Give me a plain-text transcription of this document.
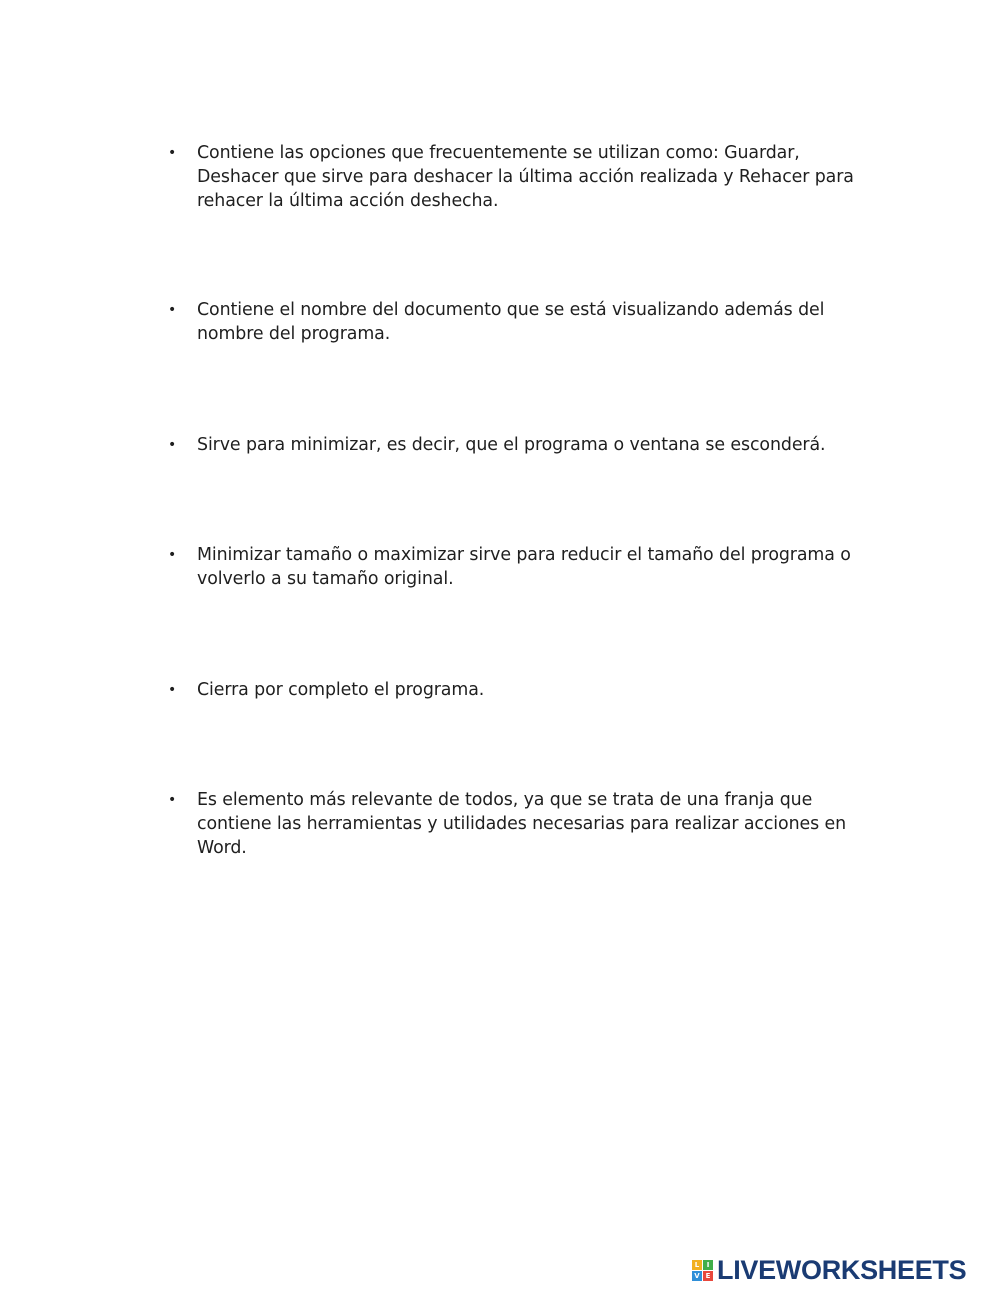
•	Contiene las opciones que frecuentemente se utilizan como: Guardar, Deshacer que sirve para deshacer la última acción realizada y Rehacer para rehacer la última acción deshecha.
•	Contiene el nombre del documento que se está visualizando además del nombre del programa.
•	Sirve para minimizar, es decir, que el programa o ventana se esconderá.
•	Minimizar tamaño o maximizar sirve para reducir el tamaño del programa o volverlo a su tamaño original.
•	Cierra por completo el programa.
•	Es elemento más relevante de todos, ya que se trata de una franja que contiene las herramientas y utilidades necesarias para realizar acciones en Word.
L	I
V E LIVEWORKSHEETS
